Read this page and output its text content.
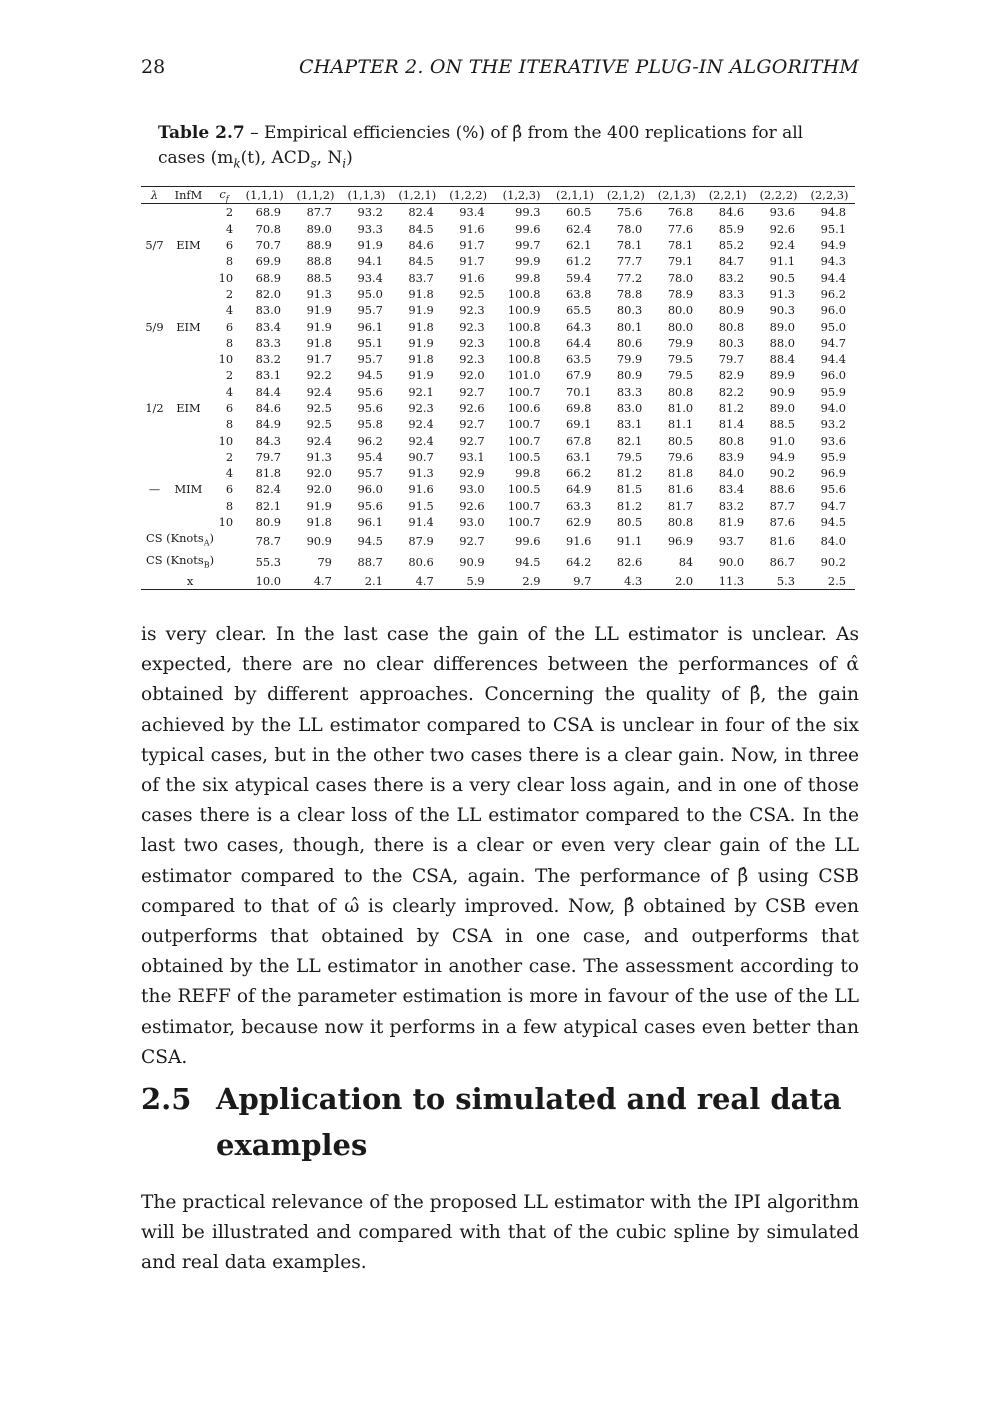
28	CHAPTER 2. ON THE ITERATIVE PLUG-IN ALGORITHM
Table 2.7 – Empirical efficiencies (%) of β̂ from the 400 replications for all cases ($m_k(t)$, $ACD_s$, $N_i$)
λ	InfM	$c_f$	(1,1,1)	(1,1,2)	(1,1,3)	(1,2,1)	(1,2,2)	(1,2,3)	(2,1,1)	(2,1,2)	(2,1,3)	(2,2,1)	(2,2,2)	(2,2,3)
		2	68.9	87.7	93.2	82.4	93.4	99.3	60.5	75.6	76.8	84.6	93.6	94.8
		4	70.8	89.0	93.3	84.5	91.6	99.6	62.4	78.0	77.6	85.9	92.6	95.1
5/7	EIM	6	70.7	88.9	91.9	84.6	91.7	99.7	62.1	78.1	78.1	85.2	92.4	94.9
		8	69.9	88.8	94.1	84.5	91.7	99.9	61.2	77.7	79.1	84.7	91.1	94.3
		10	68.9	88.5	93.4	83.7	91.6	99.8	59.4	77.2	78.0	83.2	90.5	94.4
		2	82.0	91.3	95.0	91.8	92.5	100.8	63.8	78.8	78.9	83.3	91.3	96.2
		4	83.0	91.9	95.7	91.9	92.3	100.9	65.5	80.3	80.0	80.9	90.3	96.0
5/9	EIM	6	83.4	91.9	96.1	91.8	92.3	100.8	64.3	80.1	80.0	80.8	89.0	95.0
		8	83.3	91.8	95.1	91.9	92.3	100.8	64.4	80.6	79.9	80.3	88.0	94.7
		10	83.2	91.7	95.7	91.8	92.3	100.8	63.5	79.9	79.5	79.7	88.4	94.4
		2	83.1	92.2	94.5	91.9	92.0	101.0	67.9	80.9	79.5	82.9	89.9	96.0
		4	84.4	92.4	95.6	92.1	92.7	100.7	70.1	83.3	80.8	82.2	90.9	95.9
1/2	EIM	6	84.6	92.5	95.6	92.3	92.6	100.6	69.8	83.0	81.0	81.2	89.0	94.0
		8	84.9	92.5	95.8	92.4	92.7	100.7	69.1	83.1	81.1	81.4	88.5	93.2
		10	84.3	92.4	96.2	92.4	92.7	100.7	67.8	82.1	80.5	80.8	91.0	93.6
		2	79.7	91.3	95.4	90.7	93.1	100.5	63.1	79.5	79.6	83.9	94.9	95.9
		4	81.8	92.0	95.7	91.3	92.9	99.8	66.2	81.2	81.8	84.0	90.2	96.9
—	MIM	6	82.4	92.0	96.0	91.6	93.0	100.5	64.9	81.5	81.6	83.4	88.6	95.6
		8	82.1	91.9	95.6	91.5	92.6	100.7	63.3	81.2	81.7	83.2	87.7	94.7
		10	80.9	91.8	96.1	91.4	93.0	100.7	62.9	80.5	80.8	81.9	87.6	94.5
CS (Knots$_A$)			78.7	90.9	94.5	87.9	92.7	99.6	91.6	91.1	96.9	93.7	81.6	84.0
CS (Knots$_B$)			55.3	79	88.7	80.6	90.9	94.5	64.2	82.6	84	90.0	86.7	90.2
x			10.0	4.7	2.1	4.7	5.9	2.9	9.7	4.3	2.0	11.3	5.3	2.5
is very clear. In the last case the gain of the LL estimator is unclear. As expected, there are no clear differences between the performances of α̂ obtained by different approaches. Concerning the quality of β̂, the gain achieved by the LL estimator compared to CSA is unclear in four of the six typical cases, but in the other two cases there is a clear gain. Now, in three of the six atypical cases there is a very clear loss again, and in one of those cases there is a clear loss of the LL estimator compared to the CSA. In the last two cases, though, there is a clear or even very clear gain of the LL estimator compared to the CSA, again. The performance of β̂ using CSB compared to that of ω̂ is clearly improved. Now, β̂ obtained by CSB even outperforms that obtained by CSA in one case, and outperforms that obtained by the LL estimator in another case. The assessment according to the REFF of the parameter estimation is more in favour of the use of the LL estimator, because now it performs in a few atypical cases even better than CSA.
2.5 Application to simulated and real data examples
The practical relevance of the proposed LL estimator with the IPI algorithm will be illustrated and compared with that of the cubic spline by simulated and real data examples.
